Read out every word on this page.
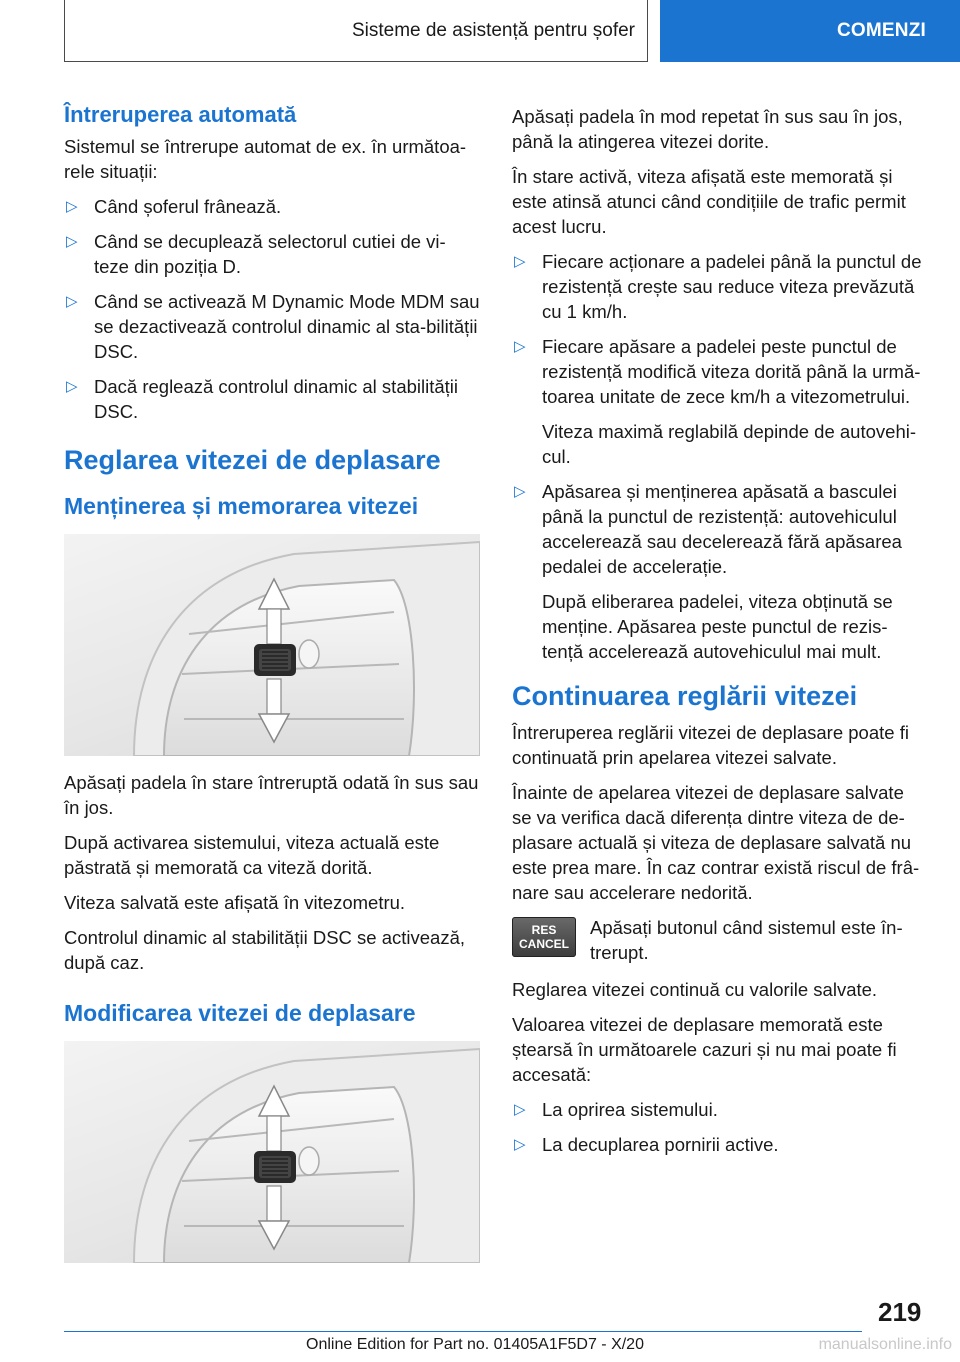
Sisteme de asistență pentru șofer	COMENZI
Întreruperea automată

Sistemul se întrerupe automat de ex. în următoa-rele situații:

▷ Când șoferul frânează.
▷ Când se decuplează selectorul cutiei de vi-teze din poziția D.
▷ Când se activează M Dynamic Mode MDM sau se dezactivează controlul dinamic al sta-bilității DSC.
▷ Dacă reglează controlul dinamic al stabilității DSC.
Reglarea vitezei de deplasare
Menținerea și memorarea vitezei

Apăsați padela în stare întreruptă odată în sus sau în jos.

După activarea sistemului, viteza actuală este păstrată și memorată ca viteză dorită.

Viteza salvată este afișată în vitezometru.

Controlul dinamic al stabilității DSC se activează, după caz.

Modificarea vitezei de deplasare

Apăsați padela în mod repetat în sus sau în jos, până la atingerea vitezei dorite.

În stare activă, viteza afișată este memorată și este atinsă atunci când condițiile de trafic permit acest lucru.

▷ Fiecare acționare a padelei până la punctul de rezistență crește sau reduce viteza prevăzută cu 1 km/h.
▷ Fiecare apăsare a padelei peste punctul de rezistență modifică viteza dorită până la urmă-toarea unitate de zece km/h a vitezometrului.

Viteza maximă reglabilă depinde de autovehi-cul.

▷ Apăsarea și menținerea apăsată a basculei până la punctul de rezistență: autovehiculul accelerează sau decelerează fără apăsarea pedalei de accelerație.

După eliberarea padelei, viteza obținută se menține. Apăsarea peste punctul de rezis-tență accelerează autovehiculul mai mult.

Continuarea reglării vitezei

Întreruperea reglării vitezei de deplasare poate fi continuată prin apelarea vitezei salvate.

Înainte de apelarea vitezei de deplasare salvate se va verifica dacă diferența dintre viteza de de-plasare actuală și viteza de deplasare salvată nu este prea mare. În caz contrar există riscul de frâ-nare sau accelerare nedorită.

RES
CANCEL

Apăsați butonul când sistemul este în-trerupt.

Reglarea vitezei continuă cu valorile salvate.

Valoarea vitezei de deplasare memorată este ștearsă în următoarele cazuri și nu mai poate fi accesată:

▷ La oprirea sistemului.
▷ La decuplarea pornirii active.
219
Online Edition for Part no. 01405A1F5D7 - X/20	manualsonline.info
